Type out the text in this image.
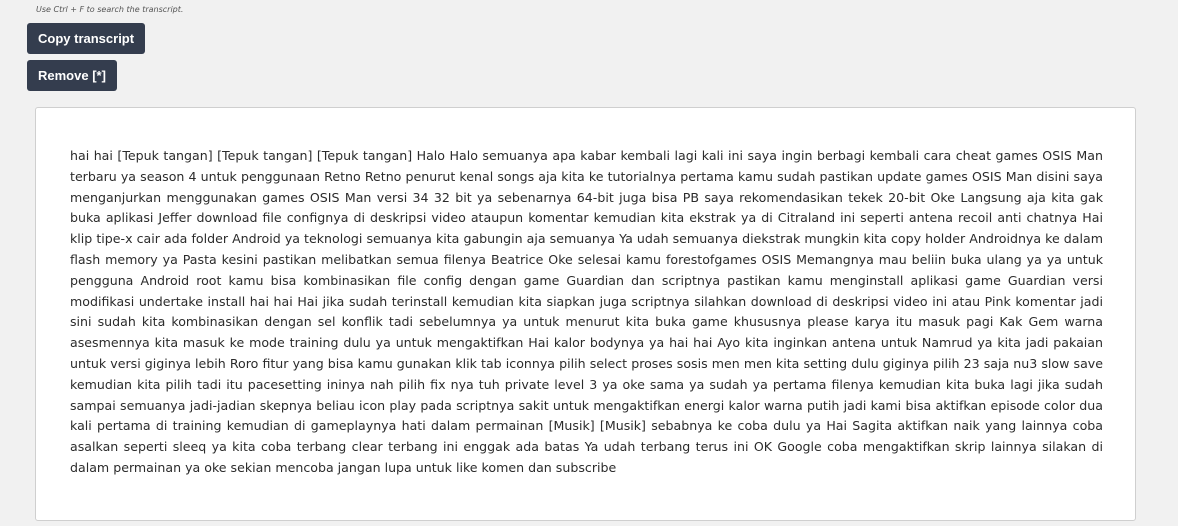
Use Ctrl + F to search the transcript.
Copy transcript
Remove [*]

hai hai [Tepuk tangan] [Tepuk tangan] [Tepuk tangan] Halo Halo semuanya apa kabar kembali lagi kali ini saya ingin berbagi kembali cara cheat games OSIS Man terbaru ya season 4 untuk penggunaan Retno Retno penurut kenal songs aja kita ke tutorialnya pertama kamu sudah pastikan update games OSIS Man disini saya menganjurkan menggunakan games OSIS Man versi 34 32 bit ya sebenarnya 64-bit juga bisa PB saya rekomendasikan tekek 20-bit Oke Langsung aja kita gak buka aplikasi Jeffer download file confignya di deskripsi video ataupun komentar kemudian kita ekstrak ya di Citraland ini seperti antena recoil anti chatnya Hai klip tipe-x cair ada folder Android ya teknologi semuanya kita gabungin aja semuanya Ya udah semuanya diekstrak mungkin kita copy holder Androidnya ke dalam flash memory ya Pasta kesini pastikan melibatkan semua filenya Beatrice Oke selesai kamu forestofgames OSIS Memangnya mau beliin buka ulang ya ya untuk pengguna Android root kamu bisa kombinasikan file config dengan game Guardian dan scriptnya pastikan kamu menginstall aplikasi game Guardian versi modifikasi undertake install hai hai Hai jika sudah terinstall kemudian kita siapkan juga scriptnya silahkan download di deskripsi video ini atau Pink komentar jadi sini sudah kita kombinasikan dengan sel konflik tadi sebelumnya ya untuk menurut kita buka game khususnya please karya itu masuk pagi Kak Gem warna asesmennya kita masuk ke mode training dulu ya untuk mengaktifkan Hai kalor bodynya ya hai hai Ayo kita inginkan antena untuk Namrud ya kita jadi pakaian untuk versi giginya lebih Roro fitur yang bisa kamu gunakan klik tab iconnya pilih select proses sosis men men kita setting dulu giginya pilih 23 saja nu3 slow save kemudian kita pilih tadi itu pacesetting ininya nah pilih fix nya tuh private level 3 ya oke sama ya sudah ya pertama filenya kemudian kita buka lagi jika sudah sampai semuanya jadi-jadian skepnya beliau icon play pada scriptnya sakit untuk mengaktifkan energi kalor warna putih jadi kami bisa aktifkan episode color dua kali pertama di training kemudian di gameplaynya hati dalam permainan [Musik] [Musik] sebabnya ke coba dulu ya Hai Sagita aktifkan naik yang lainnya coba asalkan seperti sleeq ya kita coba terbang clear terbang ini enggak ada batas Ya udah terbang terus ini OK Google coba mengaktifkan skrip lainnya silakan di dalam permainan ya oke sekian mencoba jangan lupa untuk like komen dan subscribe
